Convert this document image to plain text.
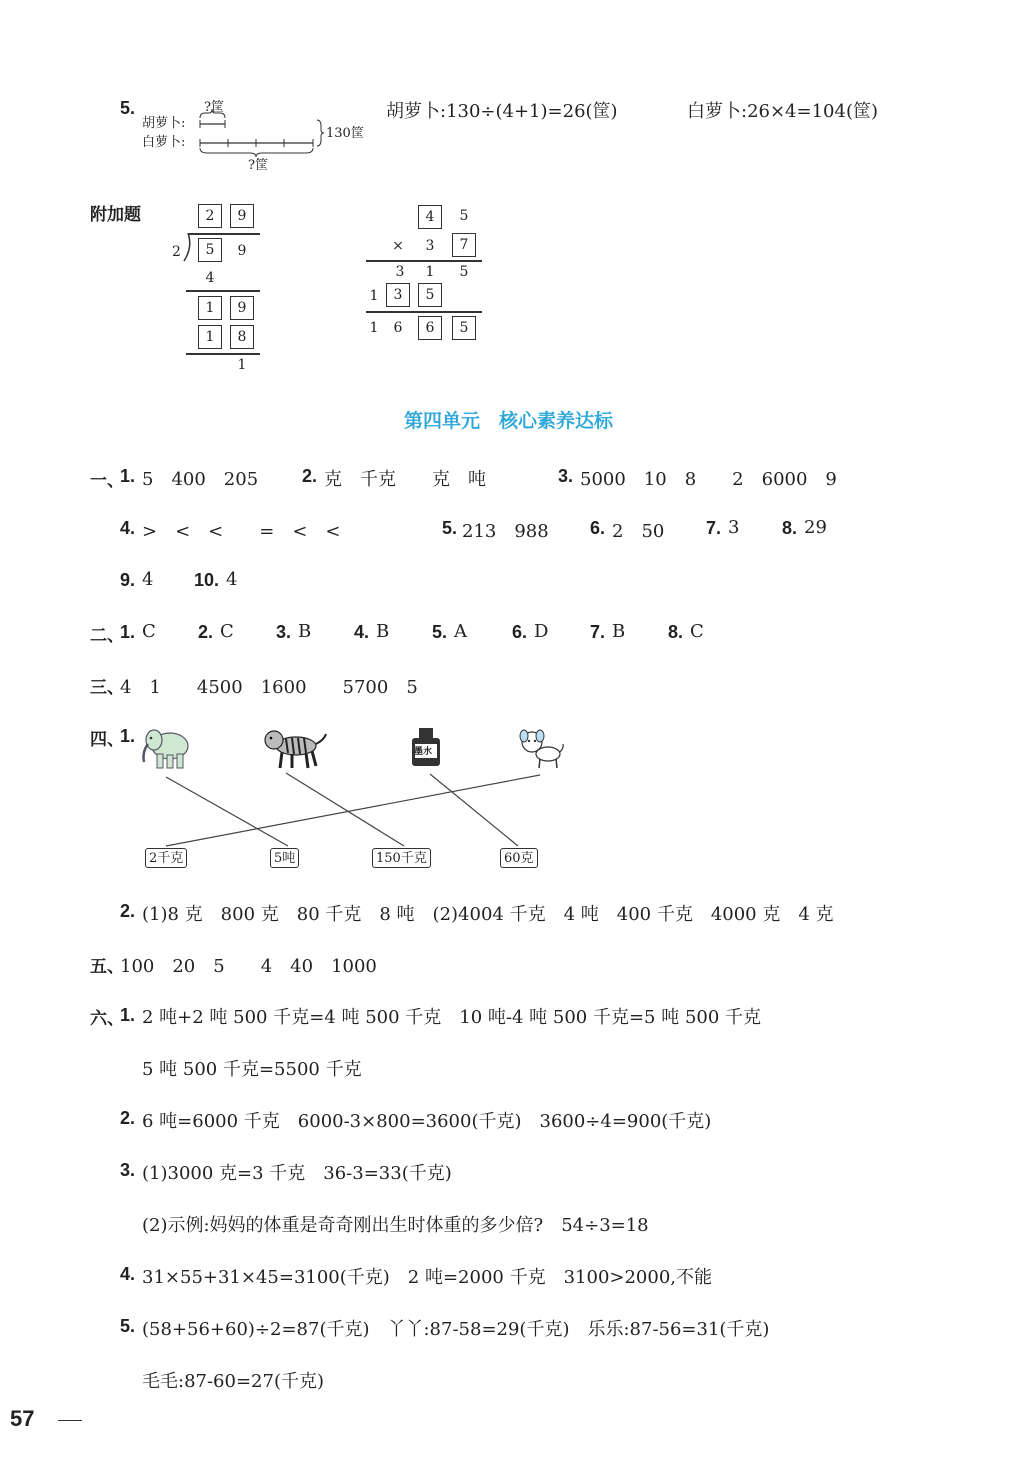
5.	?筐
胡萝卜:
白萝卜:
130筐
?筐
胡萝卜:130÷(4+1)=26(筐)	白萝卜:26×4=104(筐)
附加题	2	9
2	5	9
4
1	9
1	8
1
4	5
×	3	7
3	1	5
1	3	5
1	6	6	5
第四单元　核心素养达标
一、
1. 5　400　205 2. 克　千克　　克　吨	3. 5000　10　8　　2　6000　9
4. >　<　<　　=　<　<	5. 213　988 6. 2　50 7. 3 8. 29
9. 4 10. 4
二、
1. C 2. C 3. B 4. B 5. A	6. D 7. B 8. C
三、
4　1　　4500　1600　　5700　5
四、
1.
墨水
2千克	5吨	150千克	60克
2. (1)8 克　800 克　80 千克　8 吨　(2)4004 千克　4 吨　400 千克　4000 克　4 克
五、
100　20　5　　4　40　1000
六、
1. 2 吨+2 吨 500 千克=4 吨 500 千克　10 吨-4 吨 500 千克=5 吨 500 千克
5 吨 500 千克=5500 千克
2. 6 吨=6000 千克　6000-3×800=3600(千克)　3600÷4=900(千克)
3. (1)3000 克=3 千克　36-3=33(千克)
(2)示例:妈妈的体重是奇奇刚出生时体重的多少倍?　54÷3=18
4. 31×55+31×45=3100(千克)　2 吨=2000 千克　3100>2000,不能
5. (58+56+60)÷2=87(千克)　丫丫:87-58=29(千克)　乐乐:87-56=31(千克)
毛毛:87-60=27(千克)
57
